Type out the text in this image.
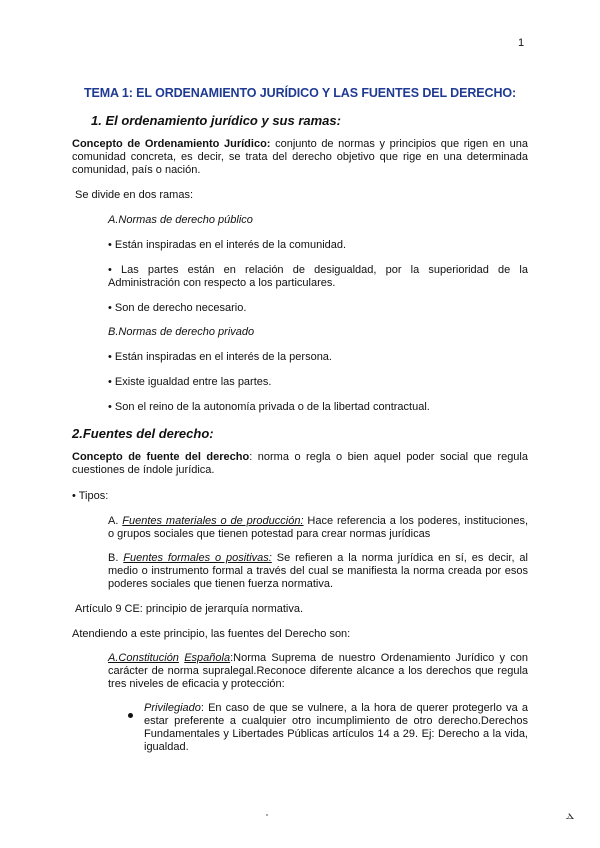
1
TEMA 1: EL ORDENAMIENTO JURÍDICO Y LAS FUENTES DEL DERECHO:
1. El ordenamiento jurídico y sus ramas:
Concepto de Ordenamiento Jurídico: conjunto de normas y principios que rigen en una comunidad concreta, es decir, se trata del derecho objetivo que rige en una determinada comunidad, país o nación.
Se divide en dos ramas:
A.Normas de derecho público
• Están inspiradas en el interés de la comunidad.
• Las partes están en relación de desigualdad, por la superioridad de la Administración con respecto a los particulares.
• Son de derecho necesario.
B.Normas de derecho privado
• Están inspiradas en el interés de la persona.
• Existe igualdad entre las partes.
• Son el reino de la autonomía privada o de la libertad contractual.
2.Fuentes del derecho:
Concepto de fuente del derecho: norma o regla o bien aquel poder social que regula cuestiones de índole jurídica.
• Tipos:
A. Fuentes materiales o de producción: Hace referencia a los poderes, instituciones, o grupos sociales que tienen potestad para crear normas jurídicas
B. Fuentes formales o positivas: Se refieren a la norma jurídica en sí, es decir, al medio o instrumento formal a través del cual se manifiesta la norma creada por esos poderes sociales que tienen fuerza normativa.
Artículo 9 CE: principio de jerarquía normativa.
Atendiendo a este principio, las fuentes del Derecho son:
A.Constitución Española:Norma Suprema de nuestro Ordenamiento Jurídico y con carácter de norma supralegal.Reconoce diferente alcance a los derechos que regula tres niveles de eficacia y protección:
Privilegiado: En caso de que se vulnere, a la hora de querer protegerlo va a estar preferente a cualquier otro incumplimiento de otro derecho.Derechos Fundamentales y Libertades Públicas artículos 14 a 29. Ej: Derecho a la vida, igualdad.
ⲇ
